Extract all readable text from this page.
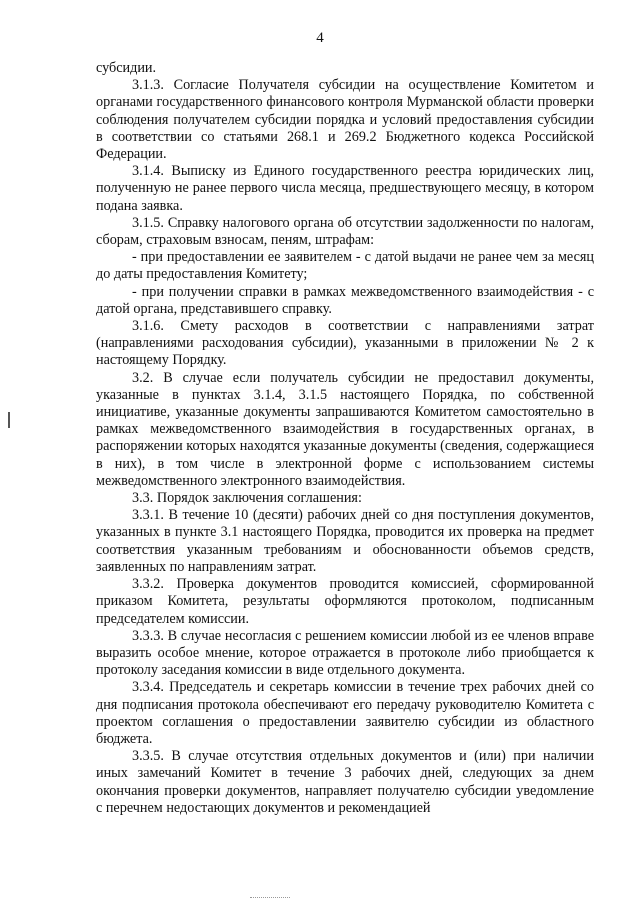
4

субсидии.

3.1.3. Согласие Получателя субсидии на осуществление Комитетом и органами государственного финансового контроля Мурманской области проверки соблюдения получателем субсидии порядка и условий предоставления субсидии в соответствии со статьями 268.1 и 269.2 Бюджетного кодекса Российской Федерации.

3.1.4. Выписку из Единого государственного реестра юридических лиц, полученную не ранее первого числа месяца, предшествующего месяцу, в котором подана заявка.

3.1.5. Справку налогового органа об отсутствии задолженности по налогам, сборам, страховым взносам, пеням, штрафам:

- при предоставлении ее заявителем - с датой выдачи не ранее чем за месяц до даты предоставления Комитету;

- при получении справки в рамках межведомственного взаимодействия - с датой органа, представившего справку.

3.1.6. Смету расходов в соответствии с направлениями затрат (направлениями расходования субсидии), указанными в приложении № 2 к настоящему Порядку.

3.2. В случае если получатель субсидии не предоставил документы, указанные в пунктах 3.1.4, 3.1.5 настоящего Порядка, по собственной инициативе, указанные документы запрашиваются Комитетом самостоятельно в рамках межведомственного взаимодействия в государственных органах, в распоряжении которых находятся указанные документы (сведения, содержащиеся в них), в том числе в электронной форме с использованием системы межведомственного электронного взаимодействия.

3.3. Порядок заключения соглашения:

3.3.1. В течение 10 (десяти) рабочих дней со дня поступления документов, указанных в пункте 3.1 настоящего Порядка, проводится их проверка на предмет соответствия указанным требованиям и обоснованности объемов средств, заявленных по направлениям затрат.

3.3.2. Проверка документов проводится комиссией, сформированной приказом Комитета, результаты оформляются протоколом, подписанным председателем комиссии.

3.3.3. В случае несогласия с решением комиссии любой из ее членов вправе выразить особое мнение, которое отражается в протоколе либо приобщается к протоколу заседания комиссии в виде отдельного документа.

3.3.4. Председатель и секретарь комиссии в течение трех рабочих дней со дня подписания протокола обеспечивают его передачу руководителю Комитета с проектом соглашения о предоставлении заявителю субсидии из областного бюджета.

3.3.5. В случае отсутствия отдельных документов и (или) при наличии иных замечаний Комитет в течение 3 рабочих дней, следующих за днем окончания проверки документов, направляет получателю субсидии уведомление с перечнем недостающих документов и рекомендацией
